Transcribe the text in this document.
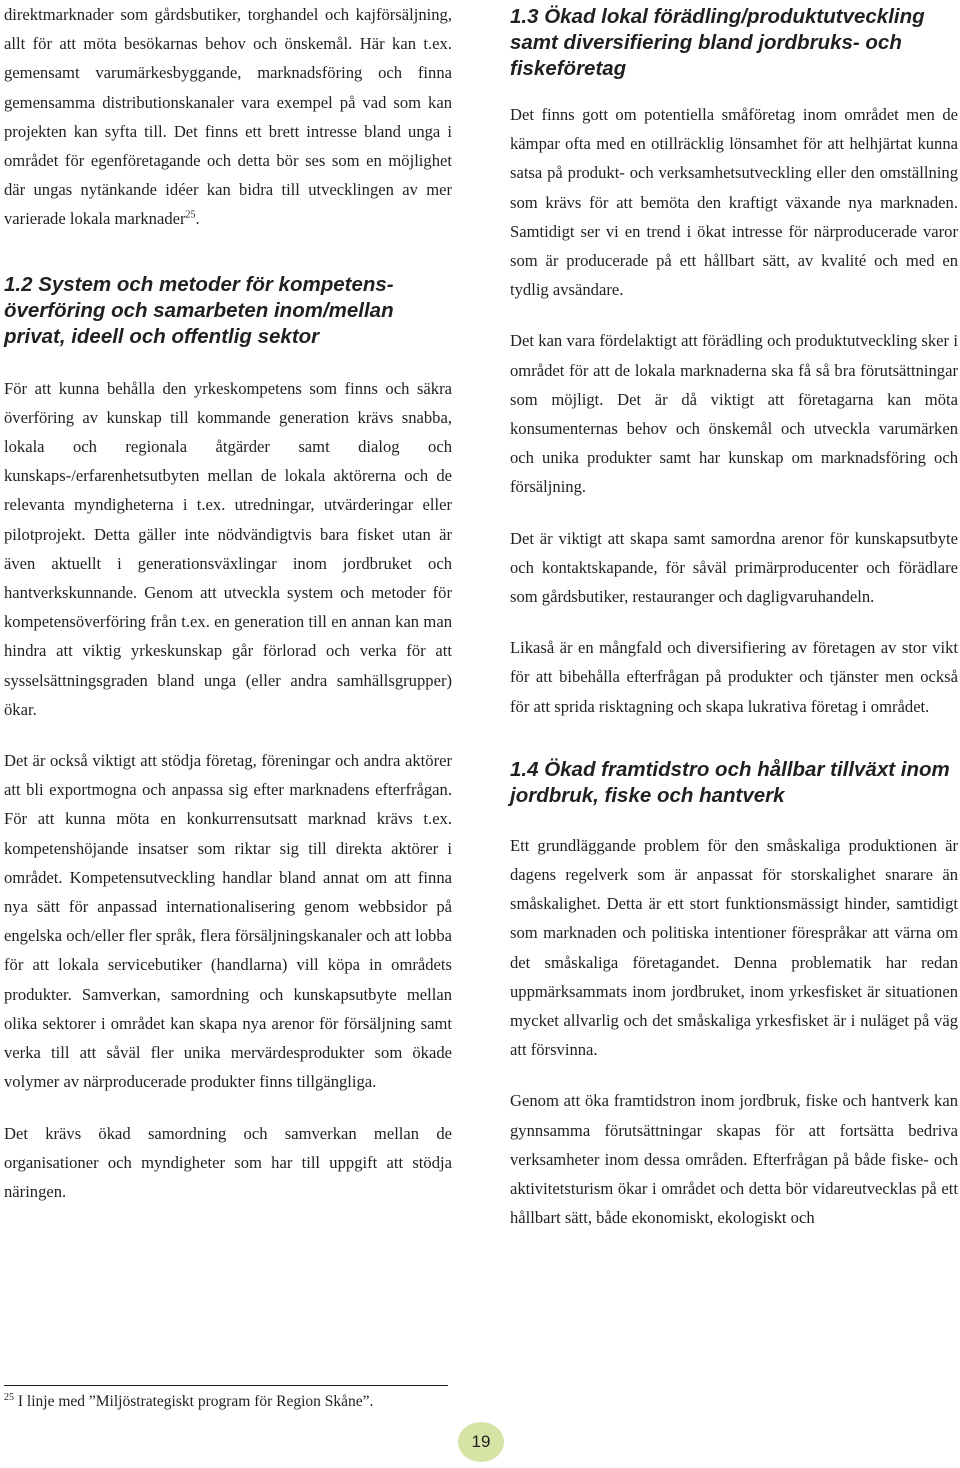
direktmarknader som gårdsbutiker, torghandel och kajförsäljning, allt för att möta besökarnas behov och önskemål. Här kan t.ex. gemensamt varumärkesbyggande, marknadsföring och finna gemensamma distributionskanaler vara exempel på vad som kan projekten kan syfta till. Det finns ett brett intresse bland unga i området för egenföretagande och detta bör ses som en möjlighet där ungas nytänkande idéer kan bidra till utvecklingen av mer varierade lokala marknader$^{25}$.

1.2 System och metoder för kompetensöverföring och samarbeten inom/mellan privat, ideell och offentlig sektor

För att kunna behålla den yrkeskompetens som finns och säkra överföring av kunskap till kommande generation krävs snabba, lokala och regionala åtgärder samt dialog och kunskaps-/erfarenhetsutbyten mellan de lokala aktörerna och de relevanta myndigheterna i t.ex. utredningar, utvärderingar eller pilotprojekt. Detta gäller inte nödvändigtvis bara fisket utan är även aktuellt i generationsväxlingar inom jordbruket och hantverkskunnande. Genom att utveckla system och metoder för kompetensöverföring från t.ex. en generation till en annan kan man hindra att viktig yrkeskunskap går förlorad och verka för att sysselsättningsgraden bland unga (eller andra samhällsgrupper) ökar.

Det är också viktigt att stödja företag, föreningar och andra aktörer att bli exportmogna och anpassa sig efter marknadens efterfrågan. För att kunna möta en konkurrensutsatt marknad krävs t.ex. kompetenshöjande insatser som riktar sig till direkta aktörer i området. Kompetensutveckling handlar bland annat om att finna nya sätt för anpassad internationalisering genom webbsidor på engelska och/eller fler språk, flera försäljningskanaler och att lobba för att lokala servicebutiker (handlarna) vill köpa in områdets produkter. Samverkan, samordning och kunskapsutbyte mellan olika sektorer i området kan skapa nya arenor för försäljning samt verka till att såväl fler unika mervärdesprodukter som ökade volymer av närproducerade produkter finns tillgängliga.

Det krävs ökad samordning och samverkan mellan de organisationer och myndigheter som har till uppgift att stödja näringen.

1.3 Ökad lokal förädling/produktutveckling samt diversifiering bland jordbruks- och fiskeföretag

Det finns gott om potentiella småföretag inom området men de kämpar ofta med en otillräcklig lönsamhet för att helhjärtat kunna satsa på produkt- och verksamhetsutveckling eller den omställning som krävs för att bemöta den kraftigt växande nya marknaden. Samtidigt ser vi en trend i ökat intresse för närproducerade varor som är producerade på ett hållbart sätt, av kvalité och med en tydlig avsändare.

Det kan vara fördelaktigt att förädling och produktutveckling sker i området för att de lokala marknaderna ska få så bra förutsättningar som möjligt. Det är då viktigt att företagarna kan möta konsumenternas behov och önskemål och utveckla varumärken och unika produkter samt har kunskap om marknadsföring och försäljning.

Det är viktigt att skapa samt samordna arenor för kunskapsutbyte och kontaktskapande, för såväl primärproducenter och förädlare som gårdsbutiker, restauranger och dagligvaruhandeln.

Likaså är en mångfald och diversifiering av företagen av stor vikt för att bibehålla efterfrågan på produkter och tjänster men också för att sprida risktagning och skapa lukrativa företag i området.

1.4 Ökad framtidstro och hållbar tillväxt inom jordbruk, fiske och hantverk

Ett grundläggande problem för den småskaliga produktionen är dagens regelverk som är anpassat för storskalighet snarare än småskalighet. Detta är ett stort funktionsmässigt hinder, samtidigt som marknaden och politiska intentioner förespråkar att värna om det småskaliga företagandet. Denna problematik har redan uppmärksammats inom jordbruket, inom yrkesfisket är situationen mycket allvarlig och det småskaliga yrkesfisket är i nuläget på väg att försvinna.

Genom att öka framtidstron inom jordbruk, fiske och hantverk kan gynnsamma förutsättningar skapas för att fortsätta bedriva verksamheter inom dessa områden. Efterfrågan på både fiske- och aktivitetsturism ökar i området och detta bör vidareutvecklas på ett hållbart sätt, både ekonomiskt, ekologiskt och

$^{25}$ I linje med ”Miljöstrategiskt program för Region Skåne”.

19
